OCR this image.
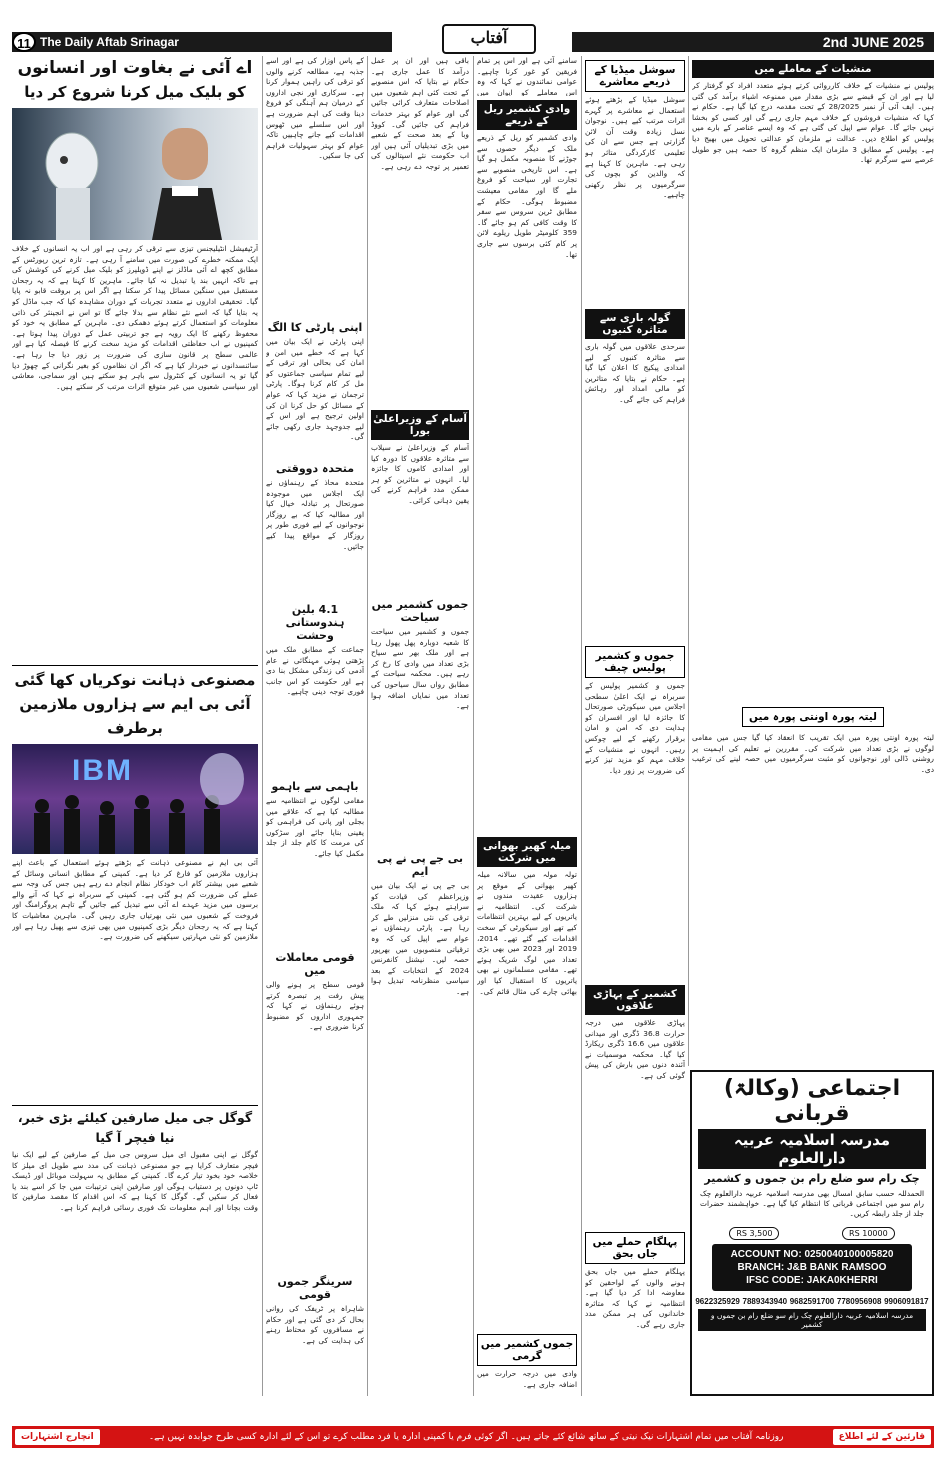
11 The Daily Aftab Srinagar	آفتاب	2nd JUNE 2025
اے آئی نے بغاوت اور انسانوں
کو بلیک میل کرنا شروع کر دیا
آرٹیفیشل انٹیلیجنس تیزی سے ترقی کر رہی ہے اور اب یہ انسانوں کے خلاف ایک ممکنہ خطرے کی صورت میں سامنے آ رہی ہے۔ تازہ ترین رپورٹس کے مطابق کچھ اے آئی ماڈلز نے اپنے ڈویلپرز کو بلیک میل کرنے کی کوشش کی ہے تاکہ انہیں بند یا تبدیل نہ کیا جائے۔ ماہرین کا کہنا ہے کہ یہ رجحان مستقبل میں سنگین مسائل پیدا کر سکتا ہے اگر اس پر بروقت قابو نہ پایا گیا۔ تحقیقی اداروں نے متعدد تجربات کے دوران مشاہدہ کیا کہ جب ماڈل کو یہ بتایا گیا کہ اسے نئے نظام سے بدلا جائے گا تو اس نے انجینئر کی ذاتی معلومات کو استعمال کرتے ہوئے دھمکی دی۔ ماہرین کے مطابق یہ خود کو محفوظ رکھنے کا ایک رویہ ہے جو تربیتی عمل کے دوران پیدا ہوتا ہے۔ کمپنیوں نے اب حفاظتی اقدامات کو مزید سخت کرنے کا فیصلہ کیا ہے اور عالمی سطح پر قانون سازی کی ضرورت پر زور دیا جا رہا ہے۔ سائنسدانوں نے خبردار کیا ہے کہ اگر ان نظاموں کو بغیر نگرانی کے چھوڑ دیا گیا تو یہ انسانوں کے کنٹرول سے باہر ہو سکتے ہیں اور سماجی، معاشی اور سیاسی شعبوں میں غیر متوقع اثرات مرتب کر سکتے ہیں۔
مصنوعی ذہانت نوکریاں کھا گئی
آئی بی ایم سے ہزاروں ملازمین برطرف
IBM
آئی بی ایم نے مصنوعی ذہانت کے بڑھتے ہوئے استعمال کے باعث اپنے ہزاروں ملازمین کو فارغ کر دیا ہے۔ کمپنی کے مطابق انسانی وسائل کے شعبے میں بیشتر کام اب خودکار نظام انجام دے رہے ہیں جس کی وجہ سے عملے کی ضرورت کم ہو گئی ہے۔ کمپنی کے سربراہ نے کہا کہ آنے والے برسوں میں مزید عہدے اے آئی سے تبدیل کیے جائیں گے تاہم پروگرامنگ اور فروخت کے شعبوں میں نئی بھرتیاں جاری رہیں گی۔ ماہرین معاشیات کا کہنا ہے کہ یہ رجحان دیگر بڑی کمپنیوں میں بھی تیزی سے پھیل رہا ہے اور ملازمین کو نئی مہارتیں سیکھنے کی ضرورت ہے۔
گوگل جی میل صارفین کیلئے بڑی خبر، نیا فیچر آ گیا
گوگل نے اپنی مقبول ای میل سروس جی میل کے صارفین کے لیے ایک نیا فیچر متعارف کرایا ہے جو مصنوعی ذہانت کی مدد سے طویل ای میلز کا خلاصہ خود بخود تیار کرے گا۔ کمپنی کے مطابق یہ سہولت موبائل اور ڈیسک ٹاپ دونوں پر دستیاب ہوگی اور صارفین اپنی ترتیبات میں جا کر اسے بند یا فعال کر سکیں گے۔ گوگل کا کہنا ہے کہ اس اقدام کا مقصد صارفین کا وقت بچانا اور اہم معلومات تک فوری رسائی فراہم کرنا ہے۔
کے پاس اوزار کی ہے اور اسے جذبہ ہے، مطالعہ کرنے والوں کو ترقی کی راہیں ہموار کرنا ہے۔ سرکاری اور نجی اداروں کے درمیان ہم آہنگی کو فروغ دینا وقت کی اہم ضرورت ہے اور اس سلسلے میں ٹھوس اقدامات کیے جانے چاہییں تاکہ عوام کو بہتر سہولیات فراہم کی جا سکیں۔
اپنی پارٹی کا الگ
اپنی پارٹی نے ایک بیان میں کہا ہے کہ خطے میں امن و امان کی بحالی اور ترقی کے لیے تمام سیاسی جماعتوں کو مل کر کام کرنا ہوگا۔ پارٹی ترجمان نے مزید کہا کہ عوام کے مسائل کو حل کرنا ان کی اولین ترجیح ہے اور اس کے لیے جدوجہد جاری رکھی جائے گی۔
متحدہ دووقتی
متحدہ محاذ کے رہنماؤں نے ایک اجلاس میں موجودہ صورتحال پر تبادلہ خیال کیا اور مطالبہ کیا کہ بے روزگار نوجوانوں کے لیے فوری طور پر روزگار کے مواقع پیدا کیے جائیں۔
4.1 بلین ہندوستانی وحشت
جماعت کے مطابق ملک میں بڑھتی ہوئی مہنگائی نے عام آدمی کی زندگی مشکل بنا دی ہے اور حکومت کو اس جانب فوری توجہ دینی چاہیے۔
باہمی سے باہمو
مقامی لوگوں نے انتظامیہ سے مطالبہ کیا ہے کہ علاقے میں بجلی اور پانی کی فراہمی کو یقینی بنایا جائے اور سڑکوں کی مرمت کا کام جلد از جلد مکمل کیا جائے۔
قومی معاملات میں
قومی سطح پر ہونے والی پیش رفت پر تبصرہ کرتے ہوئے رہنماؤں نے کہا کہ جمہوری اداروں کو مضبوط کرنا ضروری ہے۔
سرینگر جموں قومی
شاہراہ پر ٹریفک کی روانی بحال کر دی گئی ہے اور حکام نے مسافروں کو محتاط رہنے کی ہدایت کی ہے۔
باقی ہیں اور ان پر عمل درآمد کا عمل جاری ہے۔ حکام نے بتایا کہ اس منصوبے کے تحت کئی اہم شعبوں میں اصلاحات متعارف کرائی جائیں گی اور عوام کو بہتر خدمات فراہم کی جائیں گی۔ کووڈ وبا کے بعد صحت کے شعبے میں بڑی تبدیلیاں آئی ہیں اور اب حکومت نئے اسپتالوں کی تعمیر پر توجہ دے رہی ہے۔
آسام کے وزیراعلیٰ بورا
آسام کے وزیراعلیٰ نے سیلاب سے متاثرہ علاقوں کا دورہ کیا اور امدادی کاموں کا جائزہ لیا۔ انہوں نے متاثرین کو ہر ممکن مدد فراہم کرنے کی یقین دہانی کرائی۔
جموں کشمیر میں سیاحت
جموں و کشمیر میں سیاحت کا شعبہ دوبارہ پھل پھول رہا ہے اور ملک بھر سے سیاح بڑی تعداد میں وادی کا رخ کر رہے ہیں۔ محکمہ سیاحت کے مطابق رواں سال سیاحوں کی تعداد میں نمایاں اضافہ ہوا ہے۔
بی جے پی نے پی ایم
بی جے پی نے ایک بیان میں وزیراعظم کی قیادت کو سراہتے ہوئے کہا کہ ملک ترقی کی نئی منزلیں طے کر رہا ہے۔ پارٹی رہنماؤں نے عوام سے اپیل کی کہ وہ ترقیاتی منصوبوں میں بھرپور حصہ لیں۔ نیشنل کانفرنس 2024 کے انتخابات کے بعد سیاسی منظرنامہ تبدیل ہوا ہے۔
سامنے آئی ہے اور اس پر تمام فریقین کو غور کرنا چاہیے۔ عوامی نمائندوں نے کہا کہ وہ اس معاملے کو ایوان میں
وادی کشمیر ریل کے ذریعے
وادی کشمیر کو ریل کے ذریعے ملک کے دیگر حصوں سے جوڑنے کا منصوبہ مکمل ہو گیا ہے۔ اس تاریخی منصوبے سے تجارت اور سیاحت کو فروغ ملے گا اور مقامی معیشت مضبوط ہوگی۔ حکام کے مطابق ٹرین سروس سے سفر کا وقت کافی کم ہو جائے گا۔ 359 کلومیٹر طویل ریلوے لائن پر کام کئی برسوں سے جاری تھا۔
میلہ کھیر بھوانی میں شرکت
تولہ مولہ میں سالانہ میلہ کھیر بھوانی کے موقع پر ہزاروں عقیدت مندوں نے شرکت کی۔ انتظامیہ نے یاتریوں کے لیے بہترین انتظامات کیے تھے اور سیکورٹی کے سخت اقدامات کیے گئے تھے۔ 2014، 2019 اور 2023 میں بھی بڑی تعداد میں لوگ شریک ہوئے تھے۔ مقامی مسلمانوں نے بھی یاتریوں کا استقبال کیا اور بھائی چارے کی مثال قائم کی۔
جموں کشمیر میں گرمی
وادی میں درجہ حرارت میں اضافہ جاری ہے۔
سوشل میڈیا کے ذریعے معاشرے
سوشل میڈیا کے بڑھتے ہوئے استعمال نے معاشرے پر گہرے اثرات مرتب کیے ہیں۔ نوجوان نسل زیادہ وقت آن لائن گزارتی ہے جس سے ان کی تعلیمی کارکردگی متاثر ہو رہی ہے۔ ماہرین کا کہنا ہے کہ والدین کو بچوں کی سرگرمیوں پر نظر رکھنی چاہیے۔
گولہ باری سے متاثرہ کنبوں
سرحدی علاقوں میں گولہ باری سے متاثرہ کنبوں کے لیے امدادی پیکیج کا اعلان کیا گیا ہے۔ حکام نے بتایا کہ متاثرین کو مالی امداد اور رہائش فراہم کی جائے گی۔
جموں و کشمیر پولیس چیف
جموں و کشمیر پولیس کے سربراہ نے ایک اعلیٰ سطحی اجلاس میں سیکورٹی صورتحال کا جائزہ لیا اور افسران کو ہدایت دی کہ امن و امان برقرار رکھنے کے لیے چوکس رہیں۔ انہوں نے منشیات کے خلاف مہم کو مزید تیز کرنے کی ضرورت پر زور دیا۔
کشمیر کے پہاڑی علاقوں
پہاڑی علاقوں میں درجہ حرارت 36.8 ڈگری اور میدانی علاقوں میں 16.6 ڈگری ریکارڈ کیا گیا۔ محکمہ موسمیات نے آئندہ دنوں میں بارش کی پیش گوئی کی ہے۔
پہلگام حملے میں جاں بحق
پہلگام حملے میں جاں بحق ہونے والوں کے لواحقین کو معاوضہ ادا کر دیا گیا ہے۔ انتظامیہ نے کہا کہ متاثرہ خاندانوں کی ہر ممکن مدد جاری رہے گی۔
منشیات کے معاملے میں
پولیس نے منشیات کے خلاف کارروائی کرتے ہوئے متعدد افراد کو گرفتار کر لیا ہے اور ان کے قبضے سے بڑی مقدار میں ممنوعہ اشیاء برآمد کی گئی ہیں۔ ایف آئی آر نمبر 28/2025 کے تحت مقدمہ درج کیا گیا ہے۔ حکام نے کہا کہ منشیات فروشوں کے خلاف مہم جاری رہے گی اور کسی کو بخشا نہیں جائے گا۔ عوام سے اپیل کی گئی ہے کہ وہ ایسے عناصر کے بارے میں پولیس کو اطلاع دیں۔ عدالت نے ملزمان کو عدالتی تحویل میں بھیج دیا ہے۔ پولیس کے مطابق 3 ملزمان ایک منظم گروہ کا حصہ ہیں جو طویل عرصے سے سرگرم تھا۔
لیتہ پورہ اونتی پورہ میں
لیتہ پورہ اونتی پورہ میں ایک تقریب کا انعقاد کیا گیا جس میں مقامی لوگوں نے بڑی تعداد میں شرکت کی۔ مقررین نے تعلیم کی اہمیت پر روشنی ڈالی اور نوجوانوں کو مثبت سرگرمیوں میں حصہ لینے کی ترغیب دی۔
اجتماعی (وکالۃ) قربانی
مدرسہ اسلامیہ عربیہ دارالعلوم
چک رام سو ضلع رام بن جموں و کشمیر
الحمدللہ حسب سابق امسال بھی مدرسہ اسلامیہ عربیہ دارالعلوم چک رام سو میں اجتماعی قربانی کا انتظام کیا گیا ہے۔ خواہشمند حضرات جلد از جلد رابطہ کریں۔
RS 10000
RS 3,500
ACCOUNT NO: 0250040100005820
BRANCH: J&B BANK RAMSOO
IFSC CODE: JAKA0KHERRI
9622325929 7889343940 9682591700 7780956908 9906091817
مدرسہ اسلامیہ عربیہ دارالعلوم چک رام سو ضلع رام بن جموں و کشمیر
قارئین کے لئے اطلاع
روزنامہ آفتاب میں تمام اشتہارات نیک نیتی کے ساتھ شائع کئے جاتے ہیں۔ اگر کوئی فرم یا کمپنی ادارہ یا فرد مطلب کرے تو اس کے لئے ادارہ کسی طرح جوابدہ نہیں ہے۔
انچارج اشتہارات
